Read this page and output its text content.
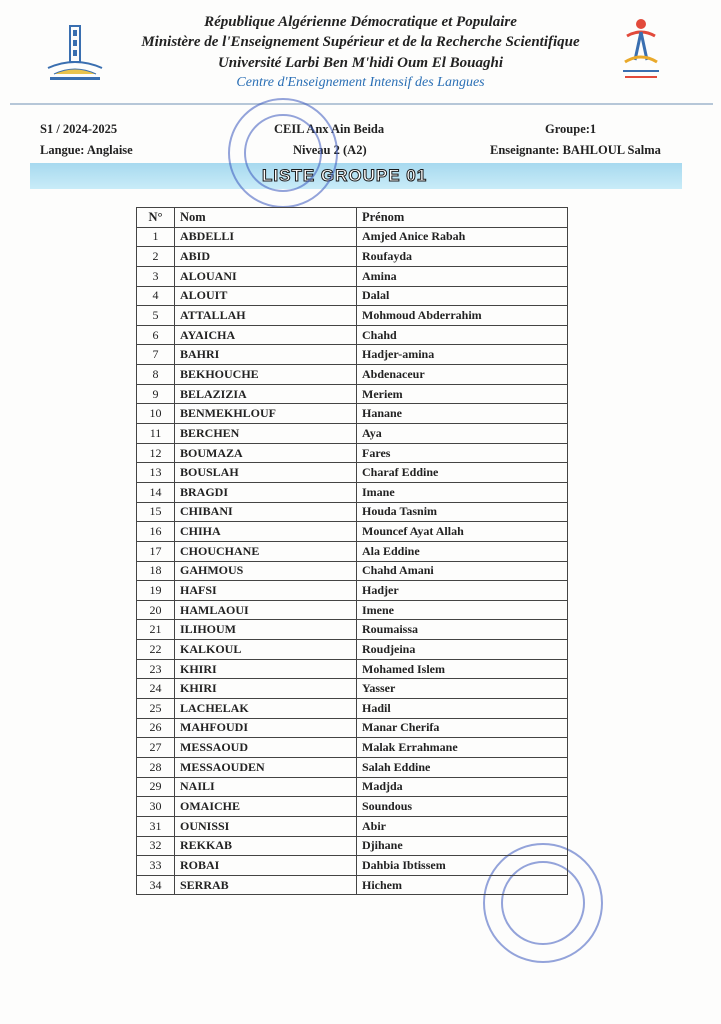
République Algérienne Démocratique et Populaire
Ministère de l'Enseignement Supérieur et de la Recherche Scientifique
Université Larbi Ben M'hidi Oum El Bouaghi
Centre d'Enseignement Intensif des Langues
S1 / 2024-2025
Langue: Anglaise
CEIL Anx Ain Beida
Niveau 2 (A2)
Groupe:1
Enseignante: BAHLOUL Salma
LISTE GROUPE 01
N°	Nom	Prénom
1	ABDELLI	Amjed Anice Rabah
2	ABID	Roufayda
3	ALOUANI	Amina
4	ALOUIT	Dalal
5	ATTALLAH	Mohmoud Abderrahim
6	AYAICHA	Chahd
7	BAHRI	Hadjer-amina
8	BEKHOUCHE	Abdenaceur
9	BELAZIZIA	Meriem
10	BENMEKHLOUF	Hanane
11	BERCHEN	Aya
12	BOUMAZA	Fares
13	BOUSLAH	Charaf Eddine
14	BRAGDI	Imane
15	CHIBANI	Houda Tasnim
16	CHIHA	Mouncef Ayat Allah
17	CHOUCHANE	Ala Eddine
18	GAHMOUS	Chahd Amani
19	HAFSI	Hadjer
20	HAMLAOUI	Imene
21	ILIHOUM	Roumaissa
22	KALKOUL	Roudjeina
23	KHIRI	Mohamed Islem
24	KHIRI	Yasser
25	LACHELAK	Hadil
26	MAHFOUDI	Manar Cherifa
27	MESSAOUD	Malak Errahmane
28	MESSAOUDEN	Salah Eddine
29	NAILI	Madjda
30	OMAICHE	Soundous
31	OUNISSI	Abir
32	REKKAB	Djihane
33	ROBAI	Dahbia Ibtissem
34	SERRAB	Hichem
